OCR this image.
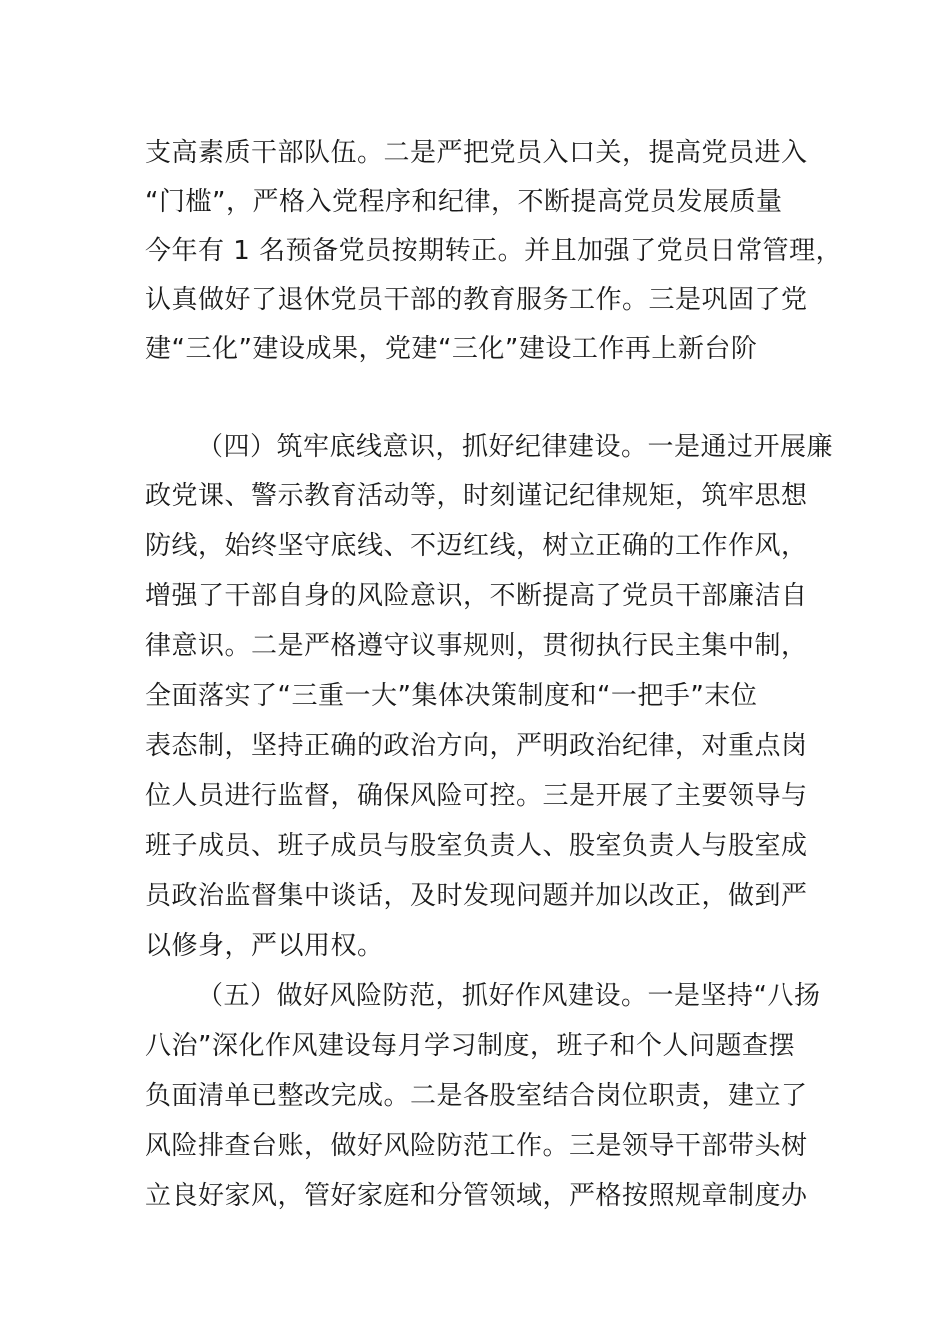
支高素质干部队伍。二是严把党员入口关，提高党员进入
“门槛”，严格入党程序和纪律，不断提高党员发展质量
今年有 1 名预备党员按期转正。并且加强了党员日常管理，
认真做好了退休党员干部的教育服务工作。三是巩固了党
建“三化”建设成果，党建“三化”建设工作再上新台阶
（四）筑牢底线意识，抓好纪律建设。一是通过开展廉
政党课、警示教育活动等，时刻谨记纪律规矩，筑牢思想
防线，始终坚守底线、不迈红线，树立正确的工作作风，
增强了干部自身的风险意识，不断提高了党员干部廉洁自
律意识。二是严格遵守议事规则，贯彻执行民主集中制，
全面落实了“三重一大”集体决策制度和“一把手”末位
表态制，坚持正确的政治方向，严明政治纪律，对重点岗
位人员进行监督，确保风险可控。三是开展了主要领导与
班子成员、班子成员与股室负责人、股室负责人与股室成
员政治监督集中谈话，及时发现问题并加以改正，做到严
以修身，严以用权。
（五）做好风险防范，抓好作风建设。一是坚持“八扬
八治”深化作风建设每月学习制度，班子和个人问题查摆
负面清单已整改完成。二是各股室结合岗位职责，建立了
风险排查台账，做好风险防范工作。三是领导干部带头树
立良好家风，管好家庭和分管领域，严格按照规章制度办
